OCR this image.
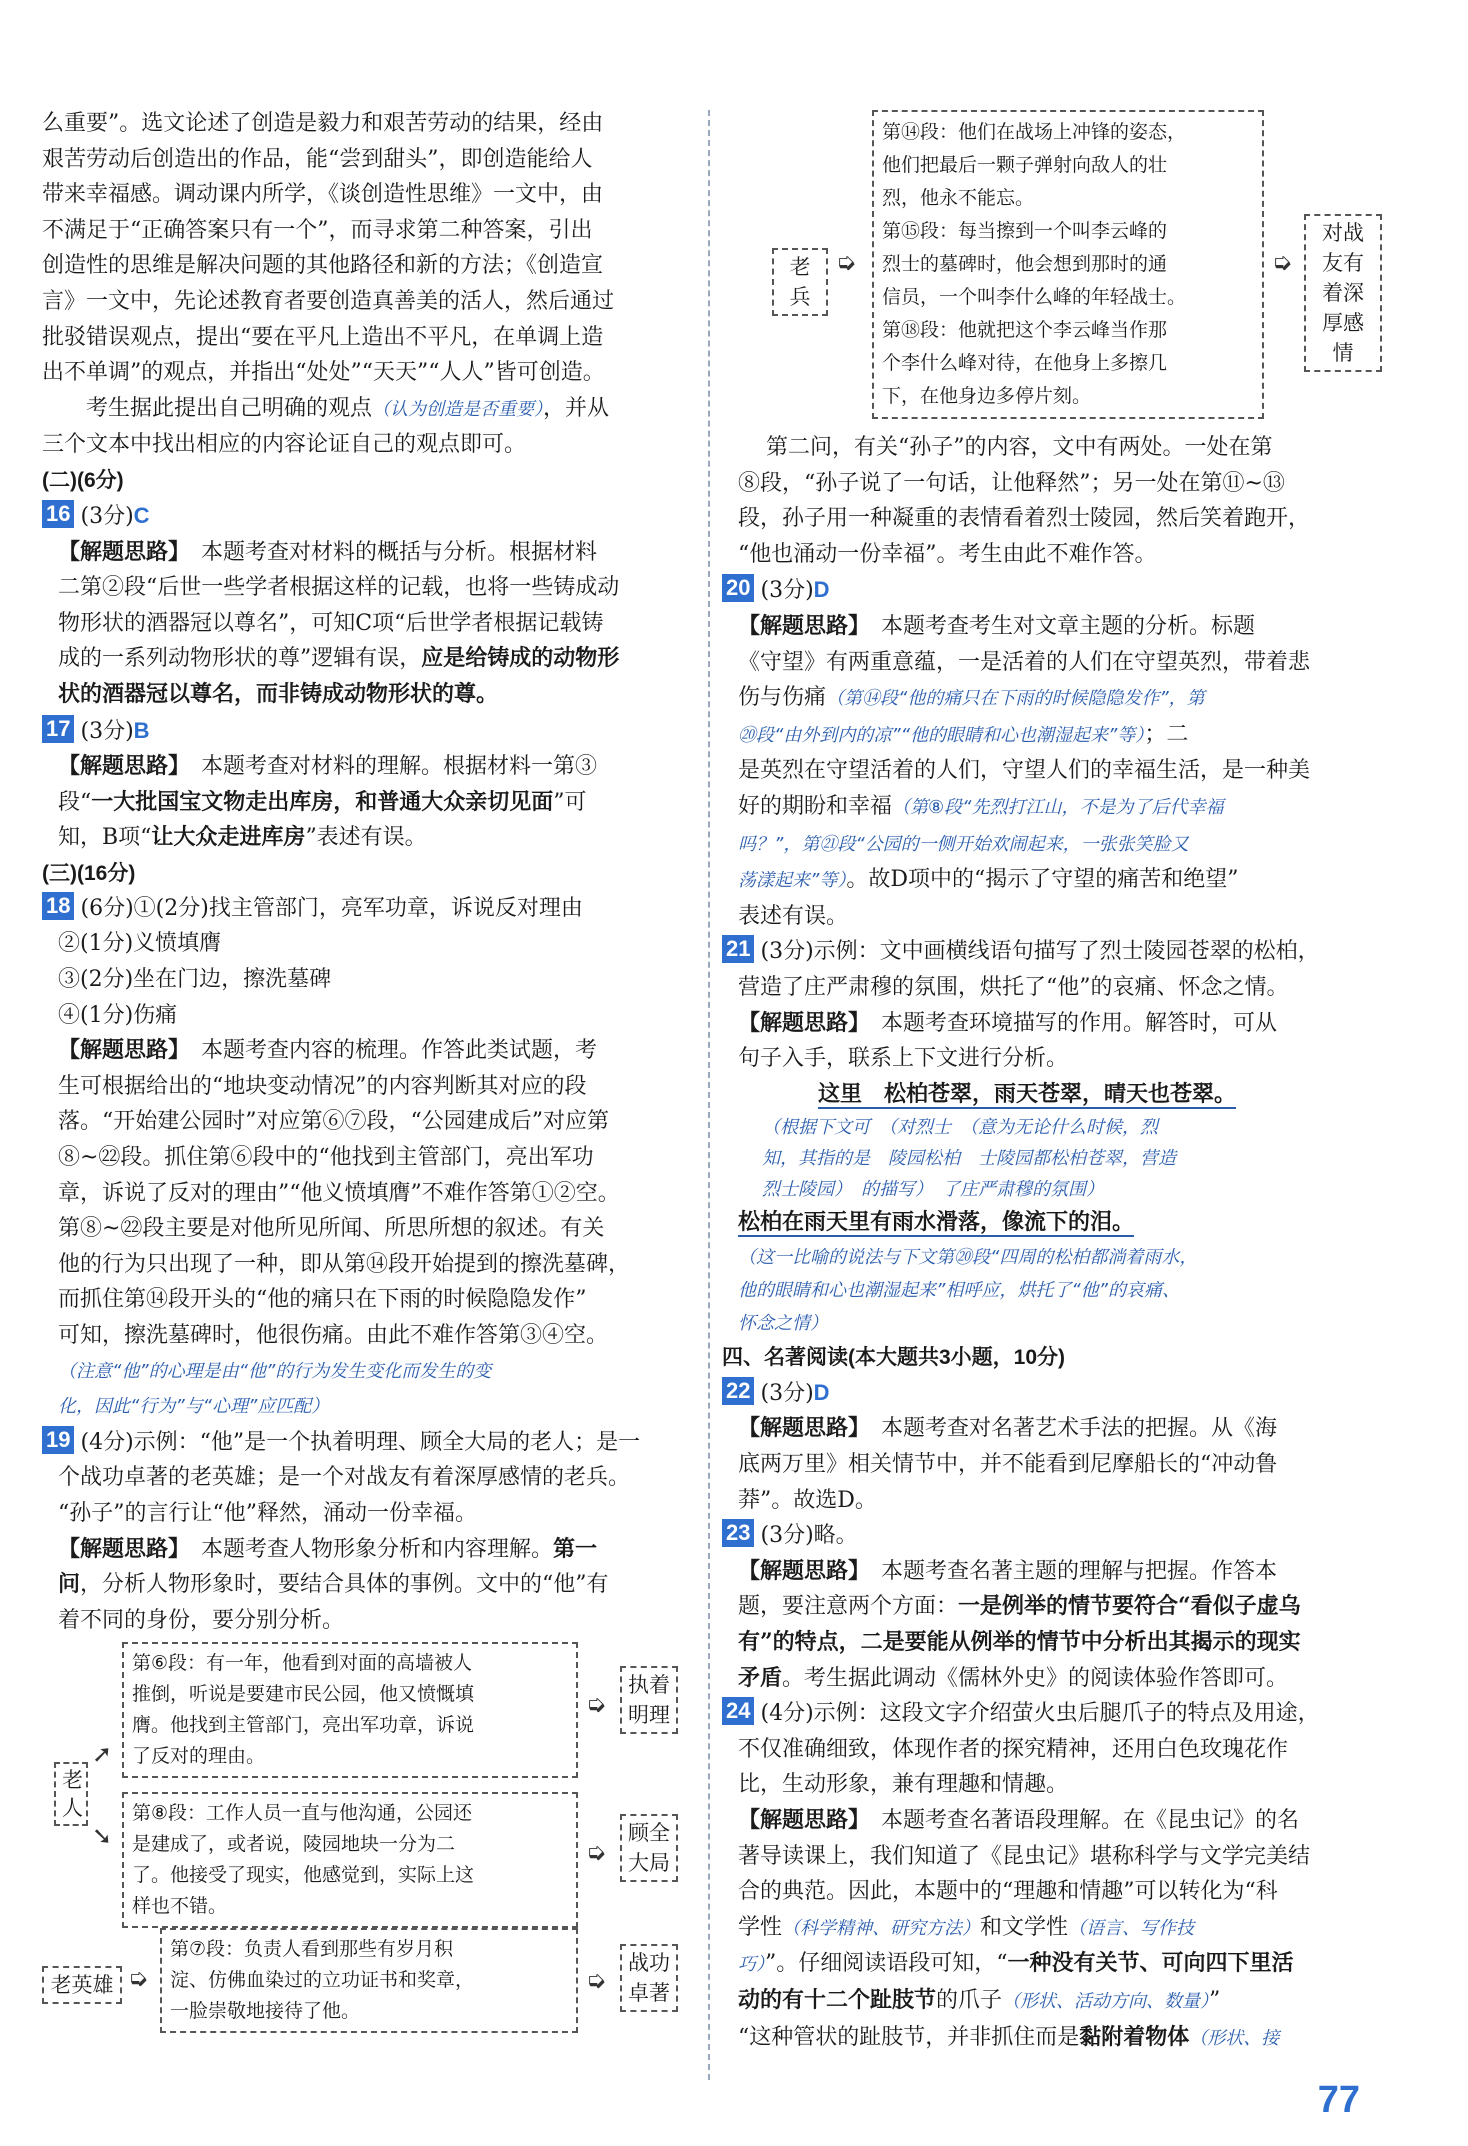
么重要”。选文论述了创造是毅力和艰苦劳动的结果，经由

艰苦劳动后创造出的作品，能“尝到甜头”，即创造能给人

带来幸福感。调动课内所学，《谈创造性思维》一文中，由

不满足于“正确答案只有一个”，而寻求第二种答案，引出

创造性的思维是解决问题的其他路径和新的方法；《创造宣

言》一文中，先论述教育者要创造真善美的活人，然后通过

批驳错误观点，提出“要在平凡上造出不平凡，在单调上造

出不单调”的观点，并指出“处处”“天天”“人人”皆可创造。

考生据此提出自己明确的观点（认为创造是否重要），并从

三个文本中找出相应的内容论证自己的观点即可。

(二)(6分)

16 (3分)C

【解题思路】　 本题考查对材料的概括与分析。根据材料

二第②段“后世一些学者根据这样的记载，也将一些铸成动

物形状的酒器冠以尊名”，可知C项“后世学者根据记载铸

成的一系列动物形状的尊”逻辑有误，应是给铸成的动物形

状的酒器冠以尊名，而非铸成动物形状的尊。

17 (3分)B

【解题思路】　 本题考查对材料的理解。根据材料一第③

段“一大批国宝文物走出库房，和普通大众亲切见面”可

知，B项“让大众走进库房”表述有误。

(三)(16分)

18 (6分)①(2分)找主管部门，亮军功章，诉说反对理由

②(1分)义愤填膺

③(2分)坐在门边，擦洗墓碑

④(1分)伤痛

【解题思路】　 本题考查内容的梳理。作答此类试题，考

生可根据给出的“地块变动情况”的内容判断其对应的段

落。“开始建公园时”对应第⑥⑦段，“公园建成后”对应第

⑧~㉒段。抓住第⑥段中的“他找到主管部门，亮出军功

章，诉说了反对的理由”“他义愤填膺”不难作答第①②空。

第⑧~㉒段主要是对他所见所闻、所思所想的叙述。有关

他的行为只出现了一种，即从第⑭段开始提到的擦洗墓碑，

而抓住第⑭段开头的“他的痛只在下雨的时候隐隐发作”

可知，擦洗墓碑时，他很伤痛。由此不难作答第③④空。

（注意“他”的心理是由“他”的行为发生变化而发生的变

化，因此“行为”与“心理”应匹配）

19 (4分)示例：“他”是一个执着明理、顾全大局的老人；是一

个战功卓著的老英雄；是一个对战友有着深厚感情的老兵。

“孙子”的言行让“他”释然，涌动一份幸福。

【解题思路】　 本题考查人物形象分析和内容理解。第一

问，分析人物形象时，要结合具体的事例。文中的“他”有

着不同的身份，要分别分析。

老人
➚
➘
第⑥段：有一年，他看到对面的高墙被人
推倒，听说是要建市民公园，他又愤慨填
膺。他找到主管部门，亮出军功章，诉说
了反对的理由。
➭
执着明理
第⑧段：工作人员一直与他沟通，公园还
是建成了，或者说，陵园地块一分为二
了。他接受了现实，他感觉到，实际上这
样也不错。
➭
顾全大局
老英雄 ➭
第⑦段：负责人看到那些有岁月积
淀、仿佛血染过的立功证书和奖章，
一脸崇敬地接待了他。
➭
战功卓著
老兵
➭
第⑭段：他们在战场上冲锋的姿态，
他们把最后一颗子弹射向敌人的壮
烈，他永不能忘。
第⑮段：每当擦到一个叫李云峰的
烈士的墓碑时，他会想到那时的通
信员，一个叫李什么峰的年轻战士。
第⑱段：他就把这个李云峰当作那
个李什么峰对待，在他身上多擦几
下，在他身边多停片刻。
➭
对战友有着深厚感情

第二问，有关“孙子”的内容，文中有两处。一处在第

⑧段，“孙子说了一句话，让他释然”；另一处在第⑪~⑬

段，孙子用一种凝重的表情看着烈士陵园，然后笑着跑开，

“他也涌动一份幸福”。考生由此不难作答。

20 (3分)D

【解题思路】　 本题考查考生对文章主题的分析。标题

《守望》有两重意蕴，一是活着的人们在守望英烈，带着悲

伤与伤痛（第⑭段“他的痛只在下雨的时候隐隐发作”，第

⑳段“由外到内的凉”“他的眼睛和心也潮湿起来”等）；二

是英烈在守望活着的人们，守望人们的幸福生活，是一种美

好的期盼和幸福（第⑧段“先烈打江山，不是为了后代幸福

吗？”，第㉑段“公园的一侧开始欢闹起来，一张张笑脸又

荡漾起来”等）。故D项中的“揭示了守望的痛苦和绝望”

表述有误。

21 (3分)示例：文中画横线语句描写了烈士陵园苍翠的松柏，

营造了庄严肃穆的氛围，烘托了“他”的哀痛、怀念之情。

【解题思路】　 本题考查环境描写的作用。解答时，可从

句子入手，联系上下文进行分析。

这里　松柏苍翠，雨天苍翠，晴天也苍翠。

（根据下文可　（对烈士　（意为无论什么时候，烈

知，其指的是　陵园松柏　士陵园都松柏苍翠，营造

烈士陵园）　的描写）　了庄严肃穆的氛围）

松柏在雨天里有雨水滑落，像流下的泪。

（这一比喻的说法与下文第⑳段“四周的松柏都淌着雨水，

他的眼睛和心也潮湿起来”相呼应，烘托了“他”的哀痛、

怀念之情）

四、名著阅读(本大题共3小题，10分)

22 (3分)D

【解题思路】　 本题考查对名著艺术手法的把握。从《海

底两万里》相关情节中，并不能看到尼摩船长的“冲动鲁

莽”。故选D。

23 (3分)略。

【解题思路】　 本题考查名著主题的理解与把握。作答本

题，要注意两个方面：一是例举的情节要符合“看似子虚乌

有”的特点，二是要能从例举的情节中分析出其揭示的现实

矛盾。考生据此调动《儒林外史》的阅读体验作答即可。

24 (4分)示例：这段文字介绍萤火虫后腿爪子的特点及用途，

不仅准确细致，体现作者的探究精神，还用白色玫瑰花作

比，生动形象，兼有理趣和情趣。

【解题思路】　 本题考查名著语段理解。在《昆虫记》的名

著导读课上，我们知道了《昆虫记》堪称科学与文学完美结

合的典范。因此，本题中的“理趣和情趣”可以转化为“科

学性（科学精神、研究方法）和文学性（语言、写作技

巧）”。仔细阅读语段可知，“一种没有关节、可向四下里活

动的有十二个趾肢节的爪子（形状、活动方向、数量）”

“这种管状的趾肢节，并非抓住而是黏附着物体（形状、接

77
